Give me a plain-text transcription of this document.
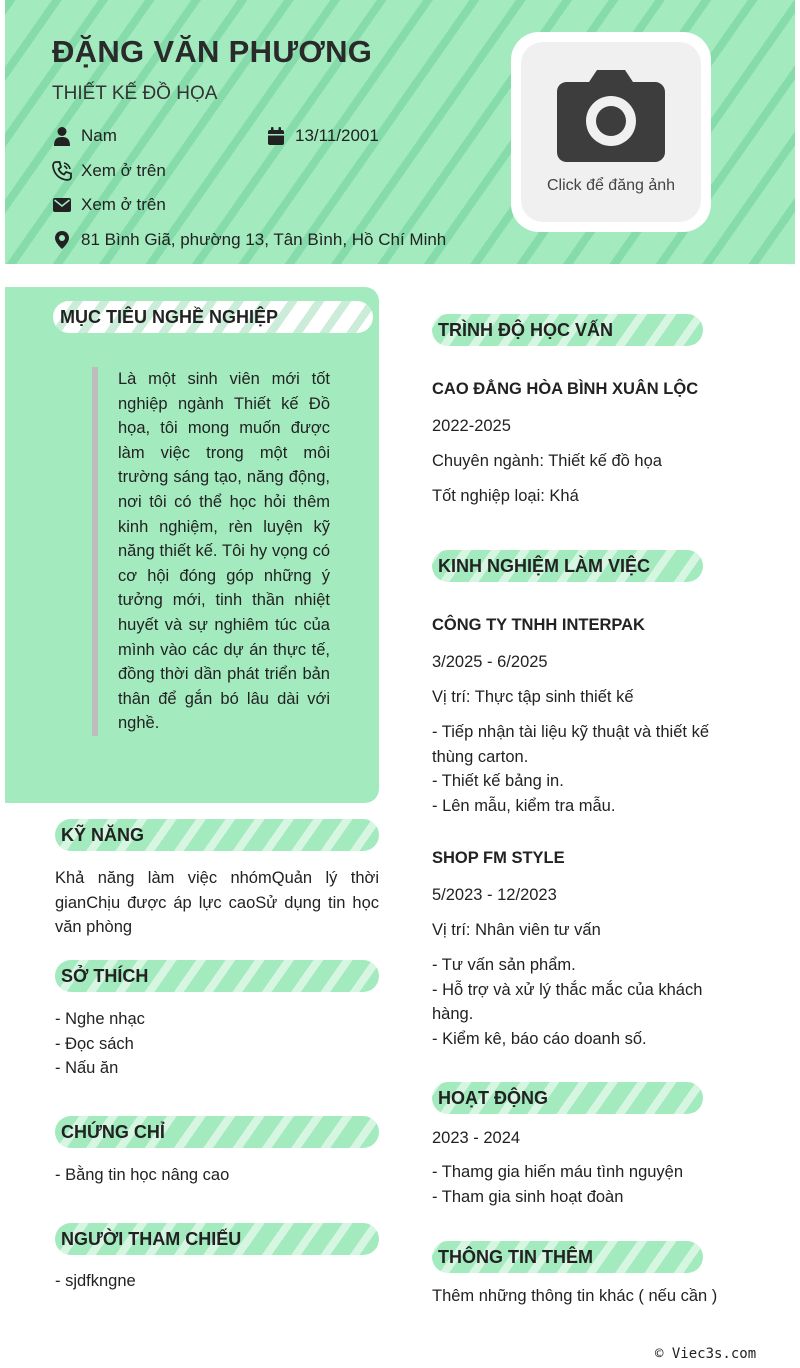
ĐẶNG VĂN PHƯƠNG
THIẾT KẾ ĐỒ HỌA
Nam	13/11/2001
Xem ở trên
Xem ở trên
81 Bình Giã, phường 13, Tân Bình, Hồ Chí Minh
Click để đăng ảnh
MỤC TIÊU NGHỀ NGHIỆP

Là một sinh viên mới tốt nghiệp ngành Thiết kế Đồ họa, tôi mong muốn được làm việc trong một môi trường sáng tạo, năng động, nơi tôi có thể học hỏi thêm kinh nghiệm, rèn luyện kỹ năng thiết kế. Tôi hy vọng có cơ hội đóng góp những ý tưởng mới, tinh thần nhiệt huyết và sự nghiêm túc của mình vào các dự án thực tế, đồng thời dần phát triển bản thân để gắn bó lâu dài với nghề.

KỸ NĂNG

Khả năng làm việc nhómQuản lý thời gianChịu được áp lực caoSử dụng tin học văn phòng

SỞ THÍCH
- Nghe nhạc
- Đọc sách
- Nấu ăn
CHỨNG CHỈ
- Bằng tin học nâng cao
NGƯỜI THAM CHIẾU
- sjdfkngne
TRÌNH ĐỘ HỌC VẤN
CAO ĐẲNG HÒA BÌNH XUÂN LỘC
2022-2025
Chuyên ngành: Thiết kế đồ họa
Tốt nghiệp loại: Khá
KINH NGHIỆM LÀM VIỆC
CÔNG TY TNHH INTERPAK
3/2025 - 6/2025
Vị trí: Thực tập sinh thiết kế
- Tiếp nhận tài liệu kỹ thuật và thiết kế thùng carton.
- Thiết kế bảng in.
- Lên mẫu, kiểm tra mẫu.
SHOP FM STYLE
5/2023 - 12/2023
Vị trí: Nhân viên tư vấn
- Tư vấn sản phẩm.
- Hỗ trợ và xử lý thắc mắc của khách hàng.
- Kiểm kê, báo cáo doanh số.
HOẠT ĐỘNG
2023 - 2024
- Thamg gia hiến máu tình nguyện
- Tham gia sinh hoạt đoàn
THÔNG TIN THÊM
Thêm những thông tin khác ( nếu cần )
© Viec3s.com
